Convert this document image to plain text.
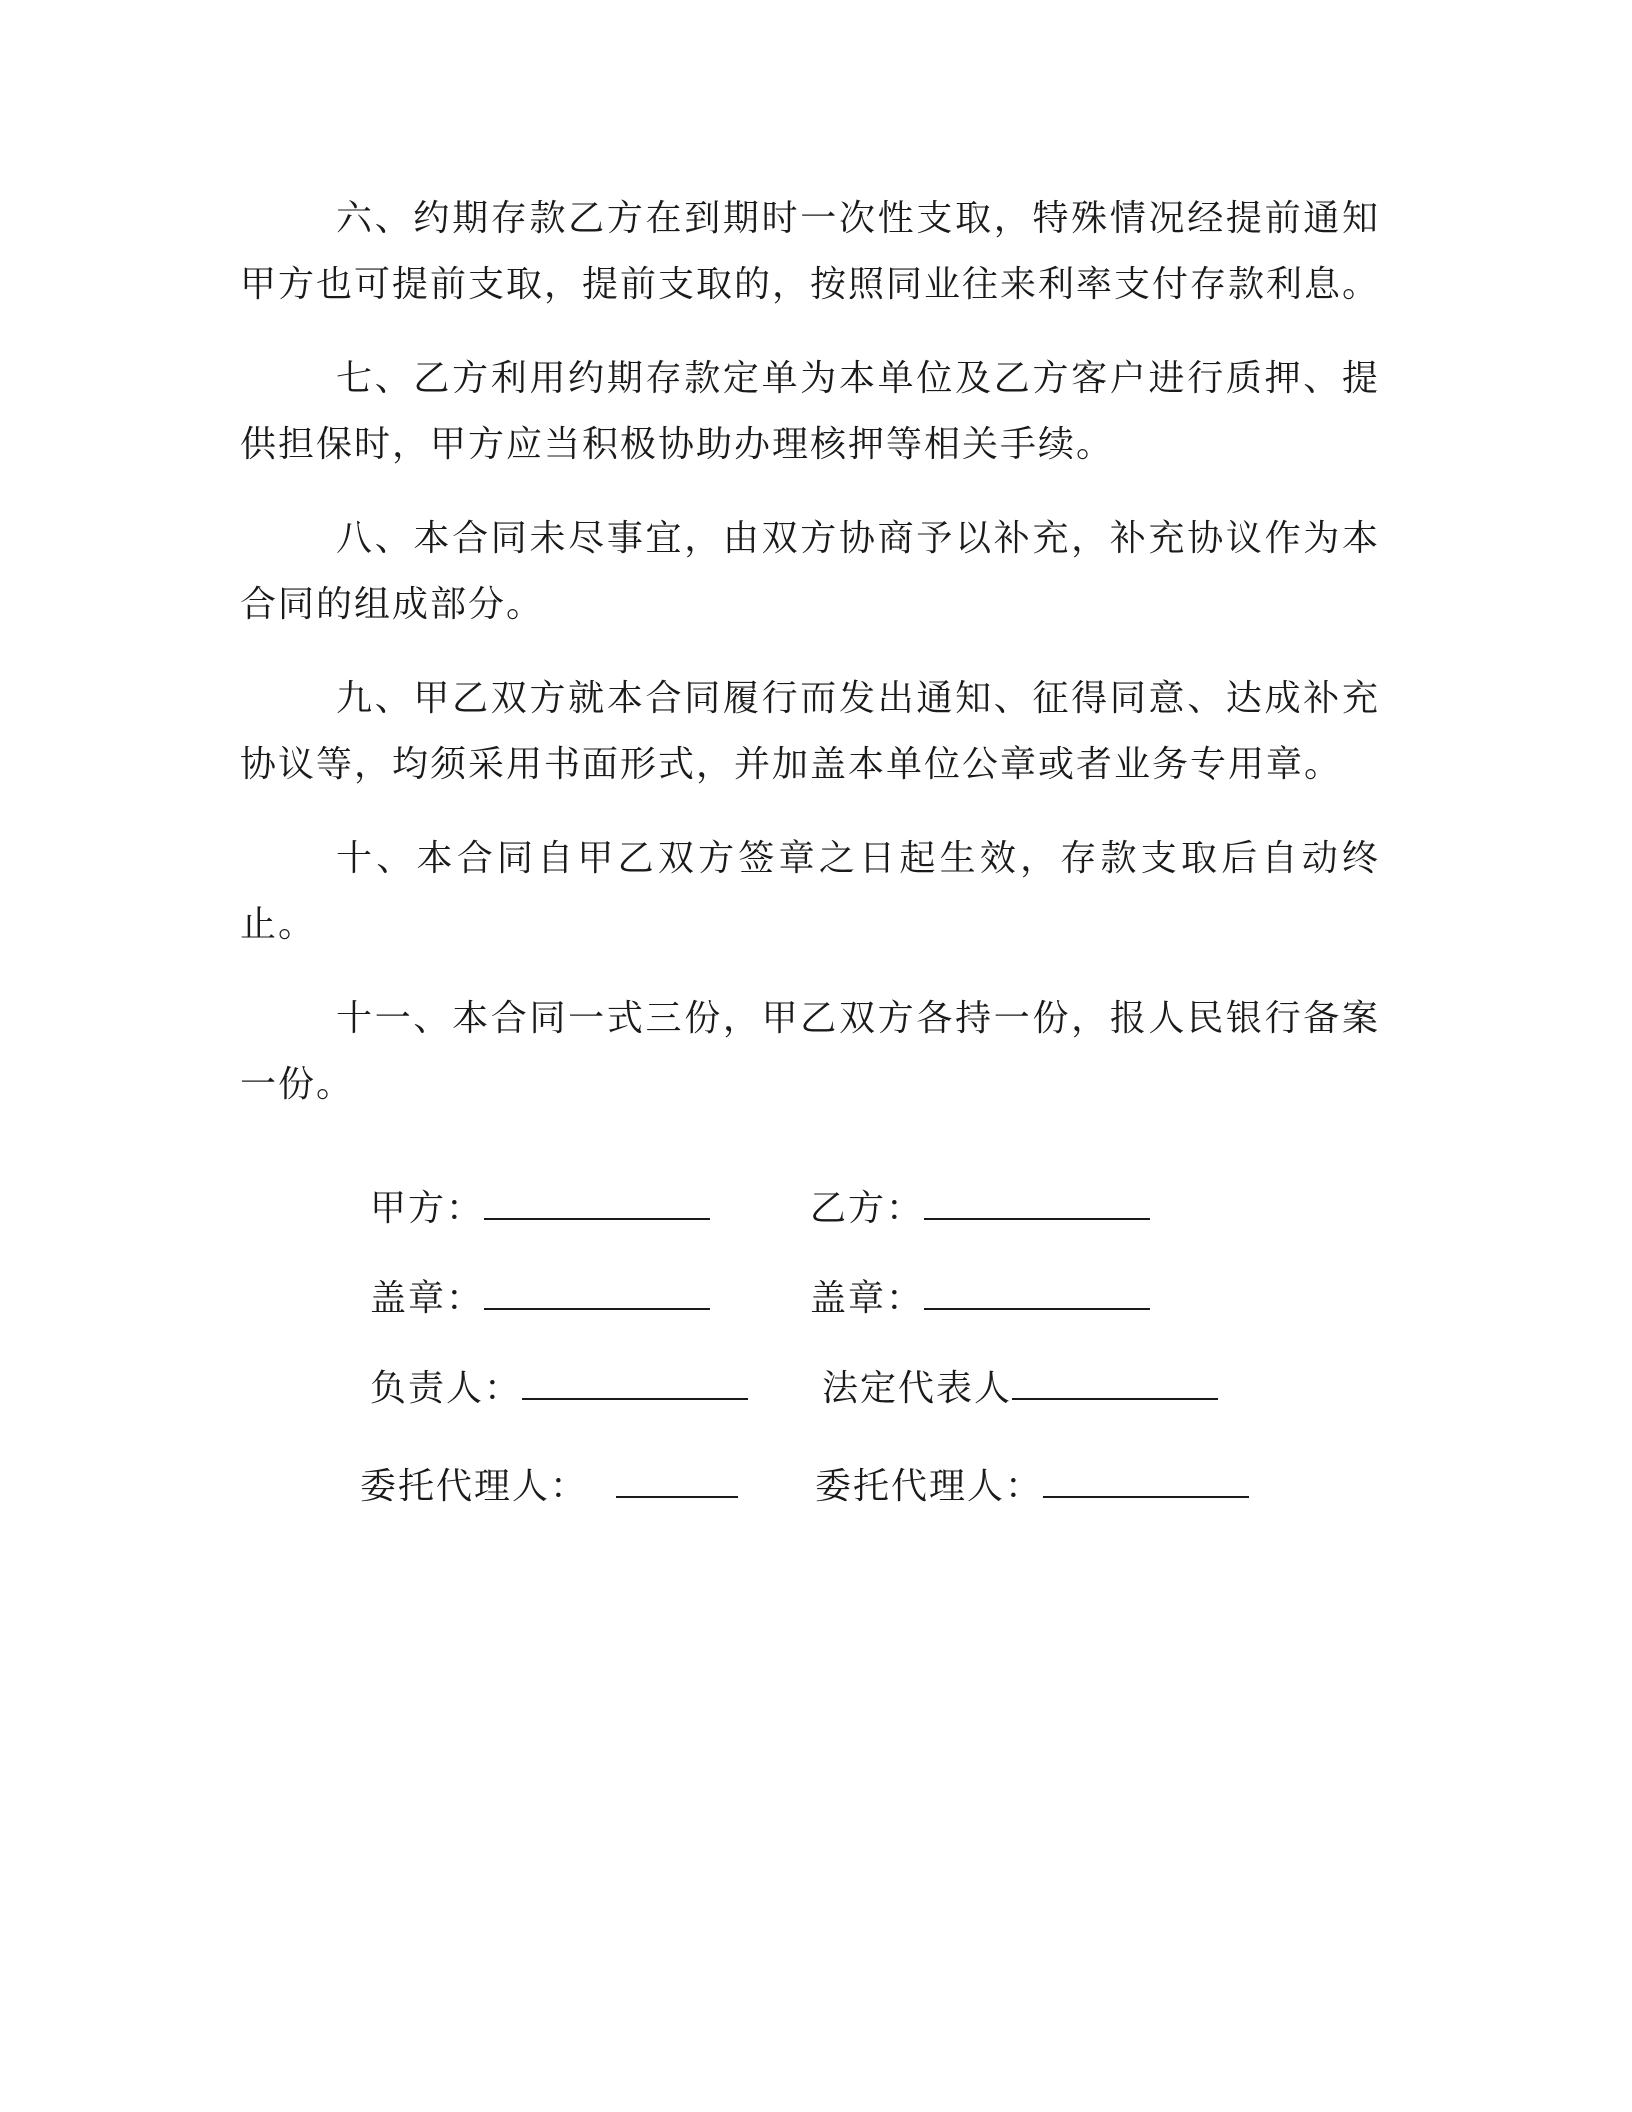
六、约期存款乙方在到期时一次性支取，特殊情况经提前通知甲方也可提前支取，提前支取的，按照同业往来利率支付存款利息。

七、乙方利用约期存款定单为本单位及乙方客户进行质押、提供担保时，甲方应当积极协助办理核押等相关手续。

八、本合同未尽事宜，由双方协商予以补充，补充协议作为本合同的组成部分。

九、甲乙双方就本合同履行而发出通知、征得同意、达成补充协议等，均须采用书面形式，并加盖本单位公章或者业务专用章。

十、本合同自甲乙双方签章之日起生效，存款支取后自动终止。

十一、本合同一式三份，甲乙双方各持一份，报人民银行备案一份。

甲方：	乙方：
盖章：	盖章：
负责人：	法定代表人
委托代理人：	委托代理人：
